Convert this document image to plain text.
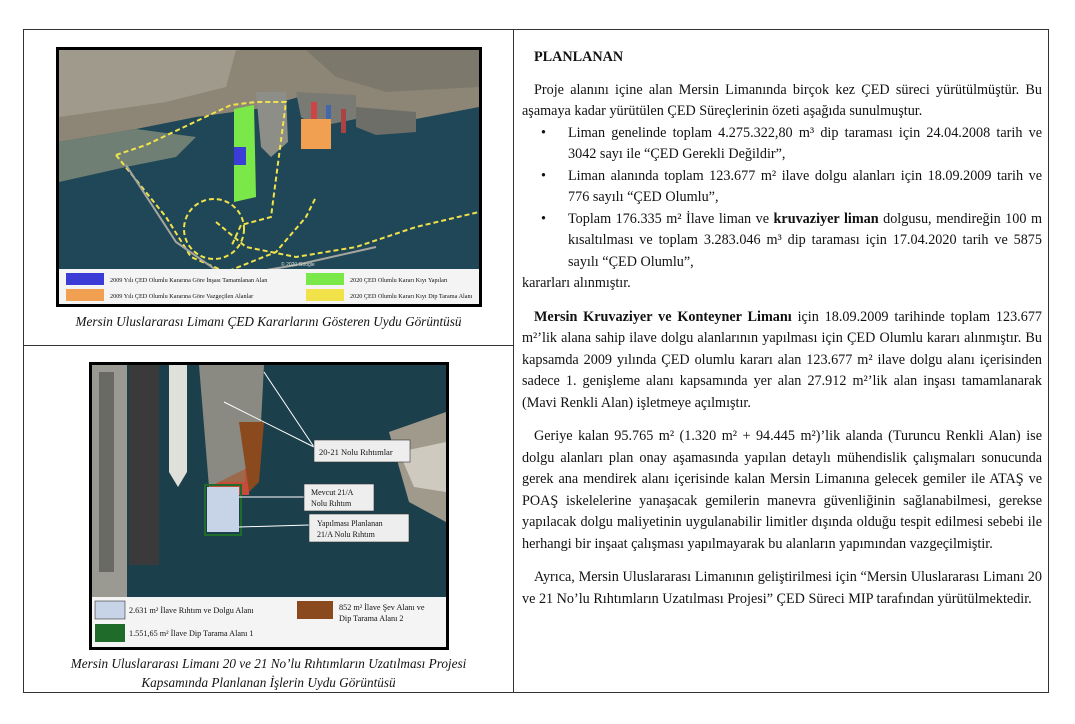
2009 Yılı ÇED Olumlu Kararına Göre İnşası Tamamlanan Alan
2009 Yılı ÇED Olumlu Kararına Göre Vazgeçilen Alanlar
2020 ÇED Olumlu Kararı Kıyı Yapıları
2020 ÇED Olumlu Kararı Kıyı Dip Tarama Alanı
© 2020 Google
Mersin Uluslararası Limanı ÇED Kararlarını Gösteren Uydu Görüntüsü
20-21 Nolu Rıhtımlar
Mevcut 21/A
Nolu Rıhtım
Yapılması Planlanan
21/A Nolu Rıhtım
2.631 m² İlave Rıhtım ve Dolgu Alanı
1.551,65 m² İlave Dip Tarama Alanı 1
852 m² İlave Şev Alanı ve
Dip Tarama Alanı 2
Mersin Uluslararası Limanı 20 ve 21 No’lu Rıhtımların Uzatılması Projesi
Kapsamında Planlanan İşlerin Uydu Görüntüsü

PLANLANAN

Proje alanını içine alan Mersin Limanında birçok kez ÇED süreci yürütülmüştür. Bu aşamaya kadar yürütülen ÇED Süreçlerinin özeti aşağıda sunulmuştur.

• Liman genelinde toplam 4.275.322,80 m³ dip taraması için 24.04.2008 tarih ve 3042 sayı ile “ÇED Gerekli Değildir”,
• Liman alanında toplam 123.677 m² ilave dolgu alanları için 18.09.2009 tarih ve 776 sayılı “ÇED Olumlu”,
• Toplam 176.335 m² İlave liman ve kruvaziyer liman dolgusu, mendireğin 100 m kısaltılması ve toplam 3.283.046 m³ dip taraması için 17.04.2020 tarih ve 5875 sayılı “ÇED Olumlu”,

kararları alınmıştır.

Mersin Kruvaziyer ve Konteyner Limanı için 18.09.2009 tarihinde toplam 123.677 m²’lik alana sahip ilave dolgu alanlarının yapılması için ÇED Olumlu kararı alınmıştır. Bu kapsamda 2009 yılında ÇED olumlu kararı alan 123.677 m² ilave dolgu alanı içerisinden sadece 1. genişleme alanı kapsamında yer alan 27.912 m²’lik alan inşası tamamlanarak (Mavi Renkli Alan) işletmeye açılmıştır.

Geriye kalan 95.765 m² (1.320 m² + 94.445 m²)’lik alanda (Turuncu Renkli Alan) ise dolgu alanları plan onay aşamasında yapılan detaylı mühendislik çalışmaları sonucunda gerek ana mendirek alanı içerisinde kalan Mersin Limanına gelecek gemiler ile ATAŞ ve POAŞ iskelelerine yanaşacak gemilerin manevra güvenliğinin sağlanabilmesi, gerekse yapılacak dolgu maliyetinin uygulanabilir limitler dışında olduğu tespit edilmesi sebebi ile herhangi bir inşaat çalışması yapılmayarak bu alanların yapımından vazgeçilmiştir.

Ayrıca, Mersin Uluslararası Limanının geliştirilmesi için “Mersin Uluslararası Limanı 20 ve 21 No’lu Rıhtımların Uzatılması Projesi” ÇED Süreci MIP tarafından yürütülmektedir.
